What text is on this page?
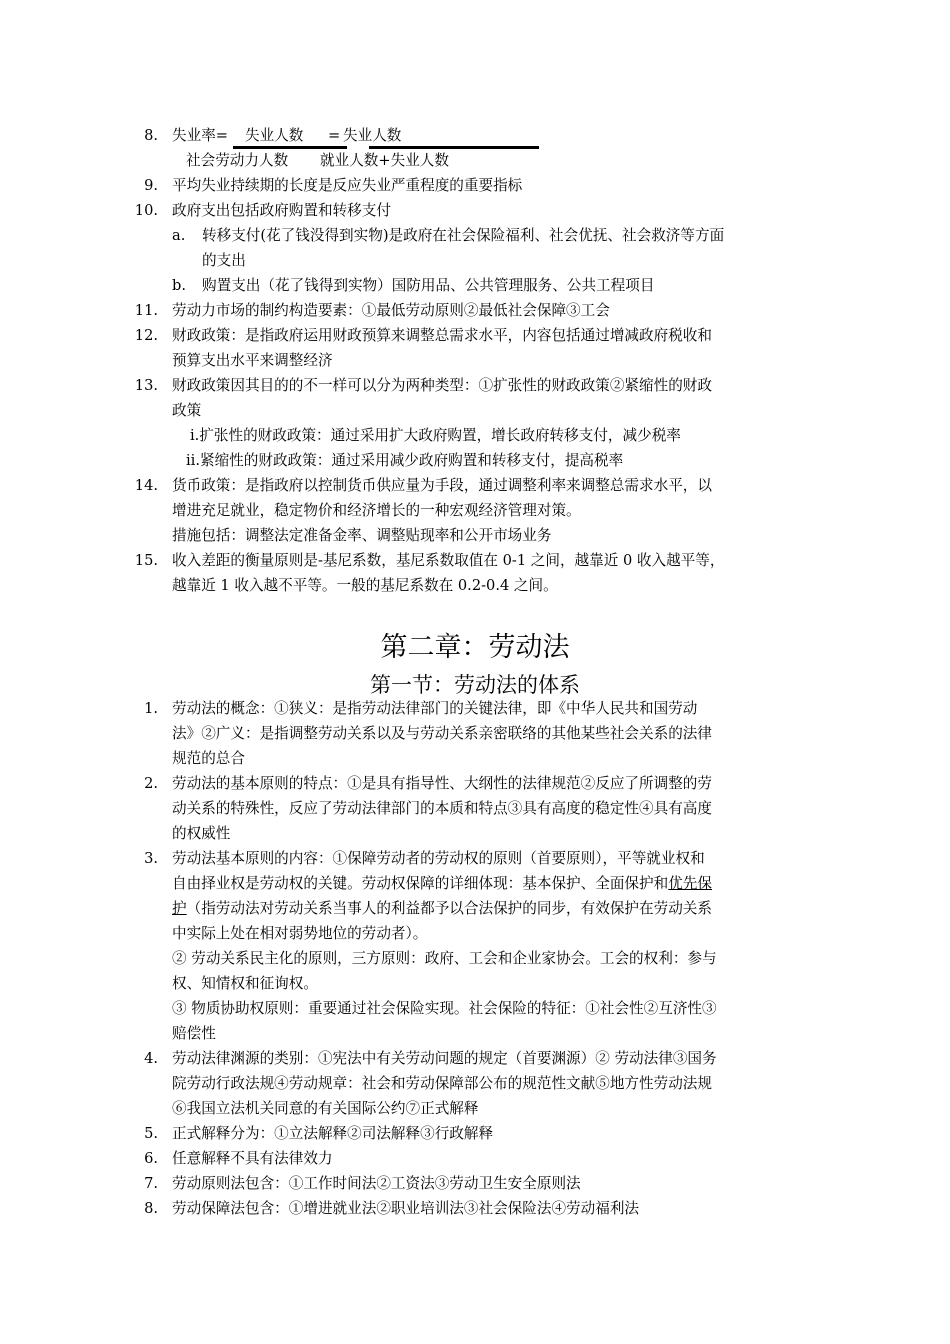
8. 失业率= 失业人数 = 失业人数
社会劳动力人数 就业人数+失业人数
9. 平均失业持续期的长度是反应失业严重程度的重要指标
10. 政府支出包括政府购置和转移支付
a. 转移支付(花了钱没得到实物)是政府在社会保险福利、社会优抚、社会救济等方面
的支出
b. 购置支出（花了钱得到实物）国防用品、公共管理服务、公共工程项目
11. 劳动力市场的制约构造要素：①最低劳动原则②最低社会保障③工会
12. 财政政策：是指政府运用财政预算来调整总需求水平，内容包括通过增减政府税收和
预算支出水平来调整经济
13. 财政政策因其目的的不一样可以分为两种类型：①扩张性的财政政策②紧缩性的财政
政策
ⅰ.扩张性的财政政策：通过采用扩大政府购置，增长政府转移支付，减少税率
ⅱ.紧缩性的财政政策：通过采用减少政府购置和转移支付，提高税率
14. 货币政策：是指政府以控制货币供应量为手段，通过调整利率来调整总需求水平，以
增进充足就业，稳定物价和经济增长的一种宏观经济管理对策。
措施包括：调整法定准备金率、调整贴现率和公开市场业务
15. 收入差距的衡量原则是-基尼系数，基尼系数取值在 0-1 之间，越靠近 0 收入越平等，
越靠近 1 收入越不平等。一般的基尼系数在 0.2-0.4 之间。
第二章：劳动法
第一节：劳动法的体系
1. 劳动法的概念：①狭义：是指劳动法律部门的关键法律，即《中华人民共和国劳动
法》②广义：是指调整劳动关系以及与劳动关系亲密联络的其他某些社会关系的法律
规范的总合
2. 劳动法的基本原则的特点：①是具有指导性、大纲性的法律规范②反应了所调整的劳
动关系的特殊性，反应了劳动法律部门的本质和特点③具有高度的稳定性④具有高度
的权威性
3. 劳动法基本原则的内容：①保障劳动者的劳动权的原则（首要原则），平等就业权和
自由择业权是劳动权的关键。劳动权保障的详细体现：基本保护、全面保护和优先保
护（指劳动法对劳动关系当事人的利益都予以合法保护的同步，有效保护在劳动关系
中实际上处在相对弱势地位的劳动者）。
② 劳动关系民主化的原则，三方原则：政府、工会和企业家协会。工会的权利：参与
权、知情权和征询权。
③ 物质协助权原则：重要通过社会保险实现。社会保险的特征：①社会性②互济性③
赔偿性
4. 劳动法律渊源的类别：①宪法中有关劳动问题的规定（首要渊源）② 劳动法律③国务
院劳动行政法规④劳动规章：社会和劳动保障部公布的规范性文献⑤地方性劳动法规
⑥我国立法机关同意的有关国际公约⑦正式解释
5. 正式解释分为：①立法解释②司法解释③行政解释
6. 任意解释不具有法律效力
7. 劳动原则法包含：①工作时间法②工资法③劳动卫生安全原则法
8. 劳动保障法包含：①增进就业法②职业培训法③社会保险法④劳动福利法
